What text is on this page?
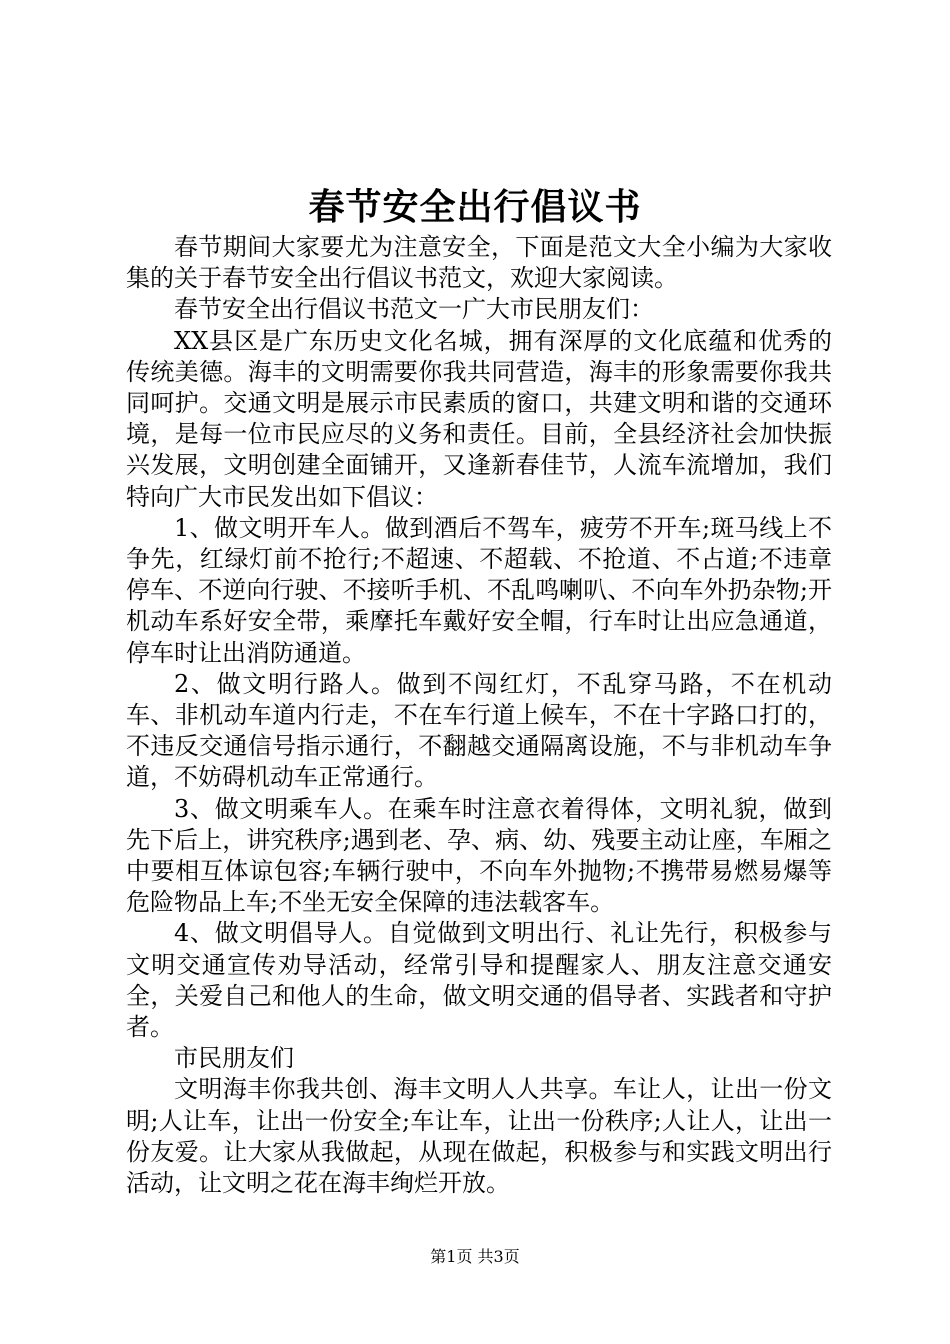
春节安全出行倡议书

春节期间大家要尤为注意安全，下面是范文大全小编为大家收集的关于春节安全出行倡议书范文，欢迎大家阅读。

春节安全出行倡议书范文一广大市民朋友们：

XX县区是广东历史文化名城，拥有深厚的文化底蕴和优秀的传统美德。海丰的文明需要你我共同营造，海丰的形象需要你我共同呵护。交通文明是展示市民素质的窗口，共建文明和谐的交通环境，是每一位市民应尽的义务和责任。目前，全县经济社会加快振兴发展，文明创建全面铺开，又逢新春佳节，人流车流增加，我们特向广大市民发出如下倡议：

1、做文明开车人。做到酒后不驾车，疲劳不开车;斑马线上不争先，红绿灯前不抢行;不超速、不超载、不抢道、不占道;不违章停车、不逆向行驶、不接听手机、不乱鸣喇叭、不向车外扔杂物;开机动车系好安全带，乘摩托车戴好安全帽，行车时让出应急通道，停车时让出消防通道。

2、做文明行路人。做到不闯红灯，不乱穿马路，不在机动车、非机动车道内行走，不在车行道上候车，不在十字路口打的，不违反交通信号指示通行，不翻越交通隔离设施，不与非机动车争道，不妨碍机动车正常通行。

3、做文明乘车人。在乘车时注意衣着得体，文明礼貌，做到先下后上，讲究秩序;遇到老、孕、病、幼、残要主动让座，车厢之中要相互体谅包容;车辆行驶中，不向车外抛物;不携带易燃易爆等危险物品上车;不坐无安全保障的违法载客车。

4、做文明倡导人。自觉做到文明出行、礼让先行，积极参与文明交通宣传劝导活动，经常引导和提醒家人、朋友注意交通安全，关爱自己和他人的生命，做文明交通的倡导者、实践者和守护者。

市民朋友们

文明海丰你我共创、海丰文明人人共享。车让人，让出一份文明;人让车，让出一份安全;车让车，让出一份秩序;人让人，让出一份友爱。让大家从我做起，从现在做起，积极参与和实践文明出行活动，让文明之花在海丰绚烂开放。

第1页 共3页
